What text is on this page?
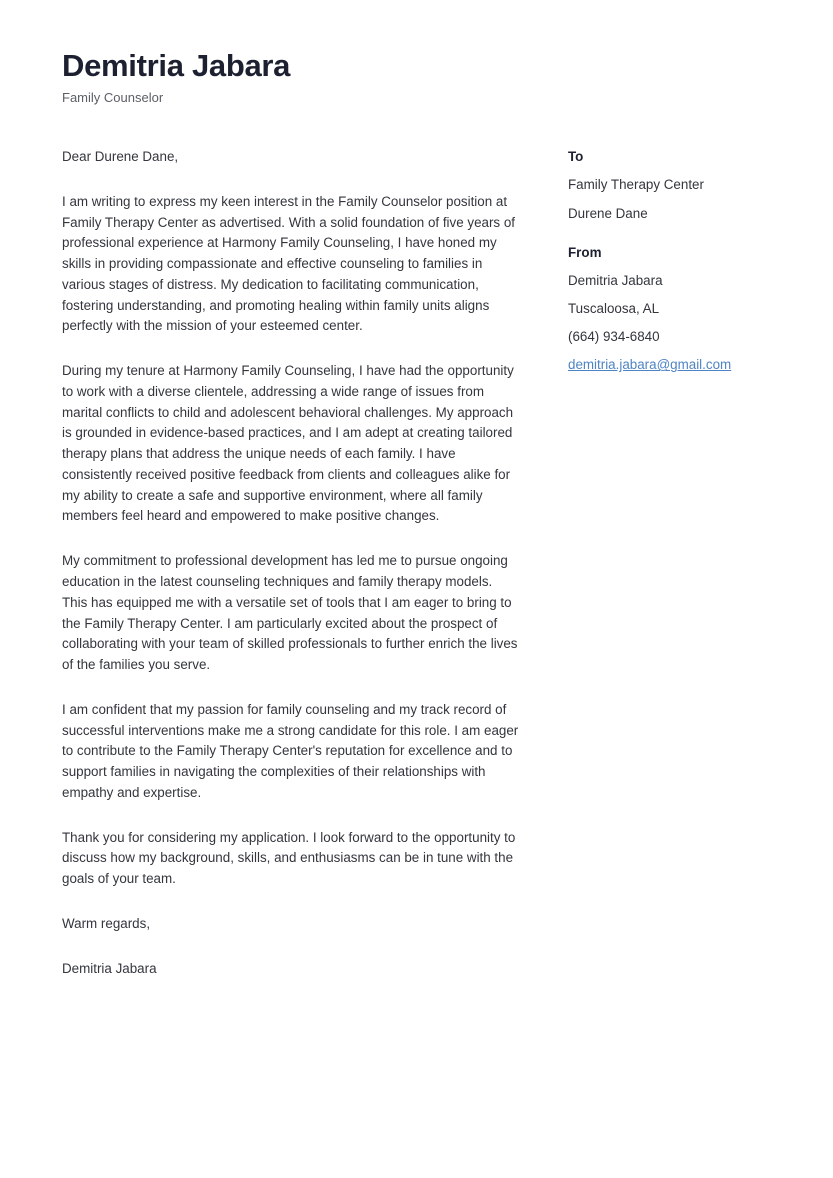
Demitria Jabara

Family Counselor

Dear Durene Dane,

I am writing to express my keen interest in the Family Counselor position at Family Therapy Center as advertised. With a solid foundation of five years of professional experience at Harmony Family Counseling, I have honed my skills in providing compassionate and effective counseling to families in various stages of distress. My dedication to facilitating communication, fostering understanding, and promoting healing within family units aligns perfectly with the mission of your esteemed center.

During my tenure at Harmony Family Counseling, I have had the opportunity to work with a diverse clientele, addressing a wide range of issues from marital conflicts to child and adolescent behavioral challenges. My approach is grounded in evidence-based practices, and I am adept at creating tailored therapy plans that address the unique needs of each family. I have consistently received positive feedback from clients and colleagues alike for my ability to create a safe and supportive environment, where all family members feel heard and empowered to make positive changes.

My commitment to professional development has led me to pursue ongoing education in the latest counseling techniques and family therapy models. This has equipped me with a versatile set of tools that I am eager to bring to the Family Therapy Center. I am particularly excited about the prospect of collaborating with your team of skilled professionals to further enrich the lives of the families you serve.

I am confident that my passion for family counseling and my track record of successful interventions make me a strong candidate for this role. I am eager to contribute to the Family Therapy Center's reputation for excellence and to support families in navigating the complexities of their relationships with empathy and expertise.

Thank you for considering my application. I look forward to the opportunity to discuss how my background, skills, and enthusiasms can be in tune with the goals of your team.

Warm regards,

Demitria Jabara

To
Family Therapy Center
Durene Dane
From
Demitria Jabara
Tuscaloosa, AL
(664) 934-6840
demitria.jabara@gmail.com
